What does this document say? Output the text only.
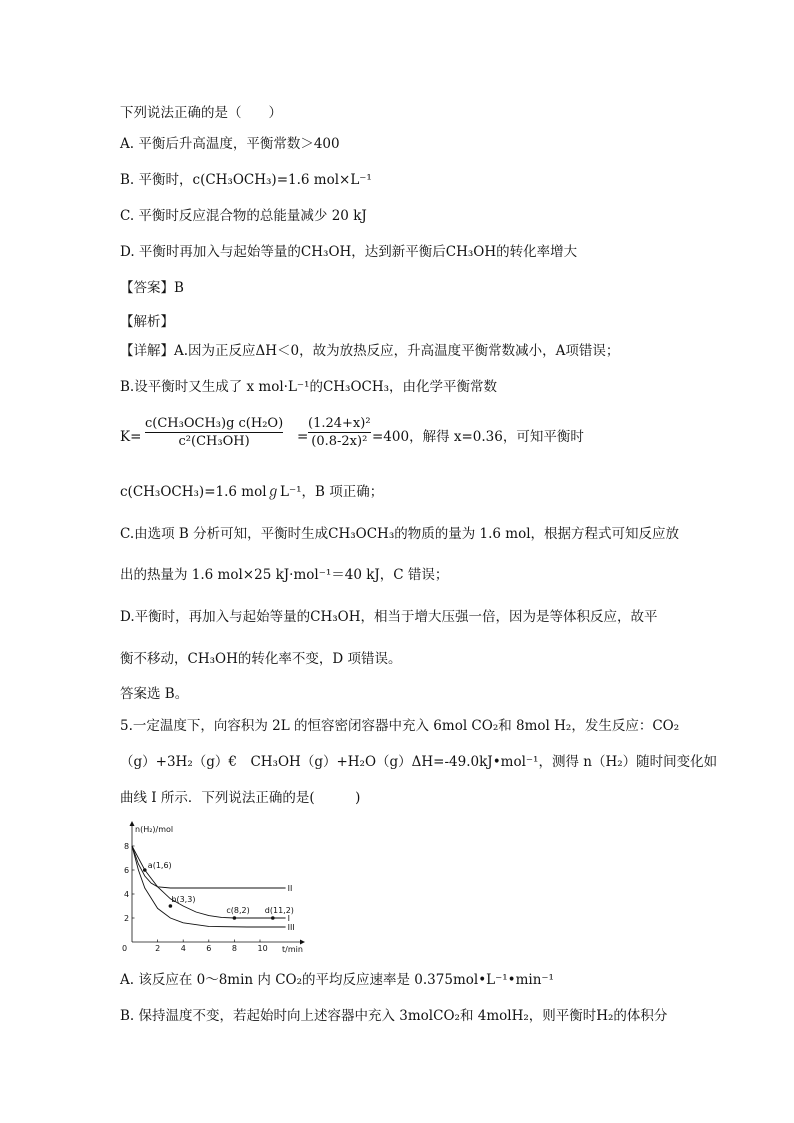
下列说法正确的是（　　）
A. 平衡后升高温度，平衡常数＞400
B. 平衡时，c(CH₃OCH₃)=1.6 mol×L⁻¹
C. 平衡时反应混合物的总能量减少 20 kJ
D. 平衡时再加入与起始等量的CH₃OH，达到新平衡后CH₃OH的转化率增大
【答案】B
【解析】
【详解】A.因为正反应ΔH＜0，故为放热反应，升高温度平衡常数减小，A项错误；
B.设平衡时又生成了 x mol·L⁻¹的CH₃OCH₃，由化学平衡常数
K=
c(CH₃OCH₃)g c(H₂O)
c²(CH₃OH)	=
(1.24+x)²
(0.8-2x)² =400，解得 x=0.36，可知平衡时
c(CH₃OCH₃)=1.6 molℊL⁻¹，B 项正确；
C.由选项 B 分析可知，平衡时生成CH₃OCH₃的物质的量为 1.6 mol，根据方程式可知反应放
出的热量为 1.6 mol×25 kJ·mol⁻¹＝40 kJ，C 错误；
D.平衡时，再加入与起始等量的CH₃OH，相当于增大压强一倍，因为是等体积反应，故平
衡不移动，CH₃OH的转化率不变，D 项错误。
答案选 B。
5.一定温度下，向容积为 2L 的恒容密闭容器中充入 6mol CO₂和 8mol H₂，发生反应：CO₂
（g）+3H₂（g）€　CH₃OH（g）+H₂O（g）ΔH=-49.0kJ•mol⁻¹，测得 n（H₂）随时间变化如
曲线 I 所示．下列说法正确的是(　　　)
n(H₂)/mol
t/min
0	2	4	6	8	10
2
4
6
8
I
II
III
a(1,6)
b(3,3)
c(8,2) d(11,2)
A. 该反应在 0～8min 内 CO₂的平均反应速率是 0.375mol•L⁻¹•min⁻¹
B. 保持温度不变，若起始时向上述容器中充入 3molCO₂和 4molH₂，则平衡时H₂的体积分
